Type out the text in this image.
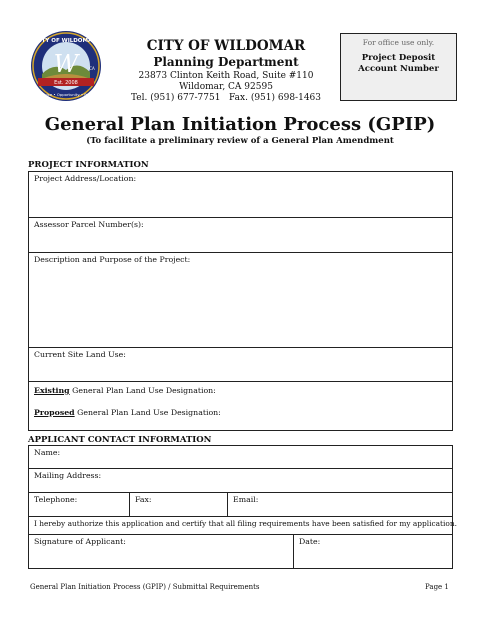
W
Est. 2008
CITY OF WILDOMAR
Service • Opportunity • Pride
CA
CITY OF WILDOMAR
Planning Department
23873 Clinton Keith Road, Suite #110
Wildomar, CA 92595
Tel. (951) 677-7751 Fax. (951) 698-1463
For office use only.
Project Deposit
Account Number
General Plan Initiation Process (GPIP)
(To facilitate a preliminary review of a General Plan Amendment
PROJECT INFORMATION
Project Address/Location:
Assessor Parcel Number(s):
Description and Purpose of the Project:
Current Site Land Use:
Existing General Plan Land Use Designation:
Proposed General Plan Land Use Designation:
APPLICANT CONTACT INFORMATION
Name:
Mailing Address:
Telephone:	Fax:	Email:
I hereby authorize this application and certify that all filing requirements have been satisfied for my application.
Signature of Applicant:	Date:
General Plan Initiation Process (GPIP) / Submittal Requirements	Page 1
